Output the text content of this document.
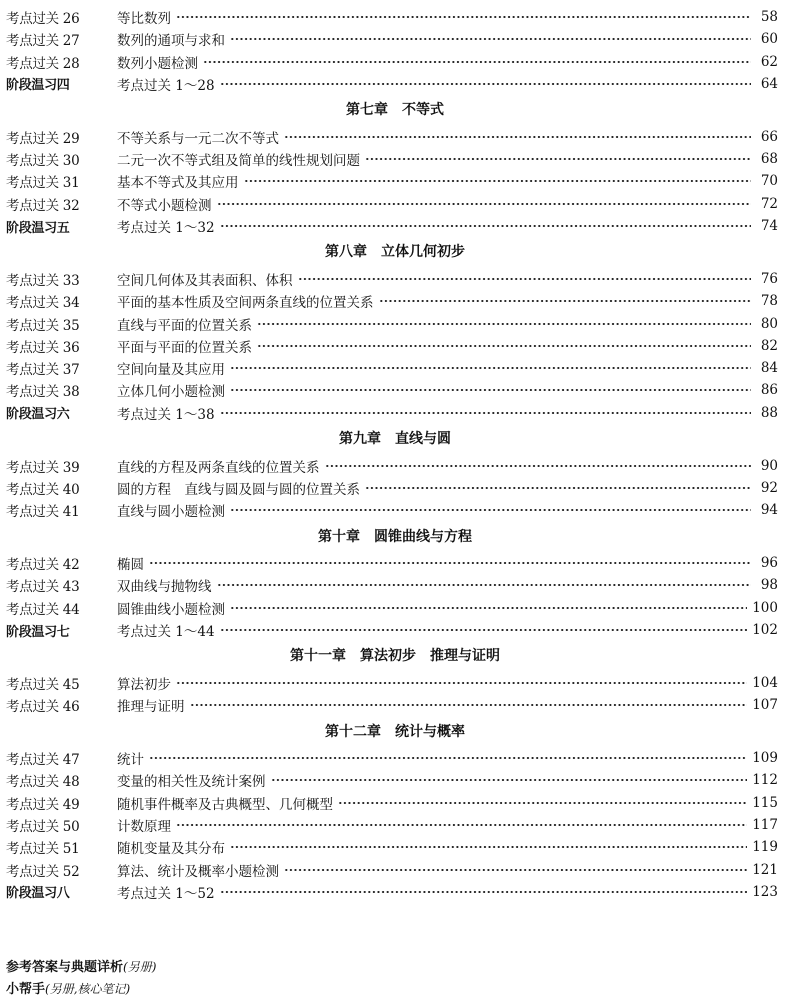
考点过关 26	等比数列	58
考点过关 27	数列的通项与求和	60
考点过关 28	数列小题检测	62
阶段温习四	考点过关 1～28	64
第七章　不等式
考点过关 29	不等关系与一元二次不等式	66
考点过关 30	二元一次不等式组及简单的线性规划问题	68
考点过关 31	基本不等式及其应用	70
考点过关 32	不等式小题检测	72
阶段温习五	考点过关 1～32	74
第八章　立体几何初步
考点过关 33	空间几何体及其表面积、体积	76
考点过关 34	平面的基本性质及空间两条直线的位置关系	78
考点过关 35	直线与平面的位置关系	80
考点过关 36	平面与平面的位置关系	82
考点过关 37	空间向量及其应用	84
考点过关 38	立体几何小题检测	86
阶段温习六	考点过关 1～38	88
第九章　直线与圆
考点过关 39	直线的方程及两条直线的位置关系	90
考点过关 40	圆的方程　直线与圆及圆与圆的位置关系	92
考点过关 41	直线与圆小题检测	94
第十章　圆锥曲线与方程
考点过关 42	椭圆	96
考点过关 43	双曲线与抛物线	98
考点过关 44	圆锥曲线小题检测	100
阶段温习七	考点过关 1～44	102
第十一章　算法初步　推理与证明
考点过关 45	算法初步	104
考点过关 46	推理与证明	107
第十二章　统计与概率
考点过关 47	统计	109
考点过关 48	变量的相关性及统计案例	112
考点过关 49	随机事件概率及古典概型、几何概型	115
考点过关 50	计数原理	117
考点过关 51	随机变量及其分布	119
考点过关 52	算法、统计及概率小题检测	121
阶段温习八	考点过关 1～52	123
参考答案与典题详析(另册)
小帮手(另册,核心笔记)
